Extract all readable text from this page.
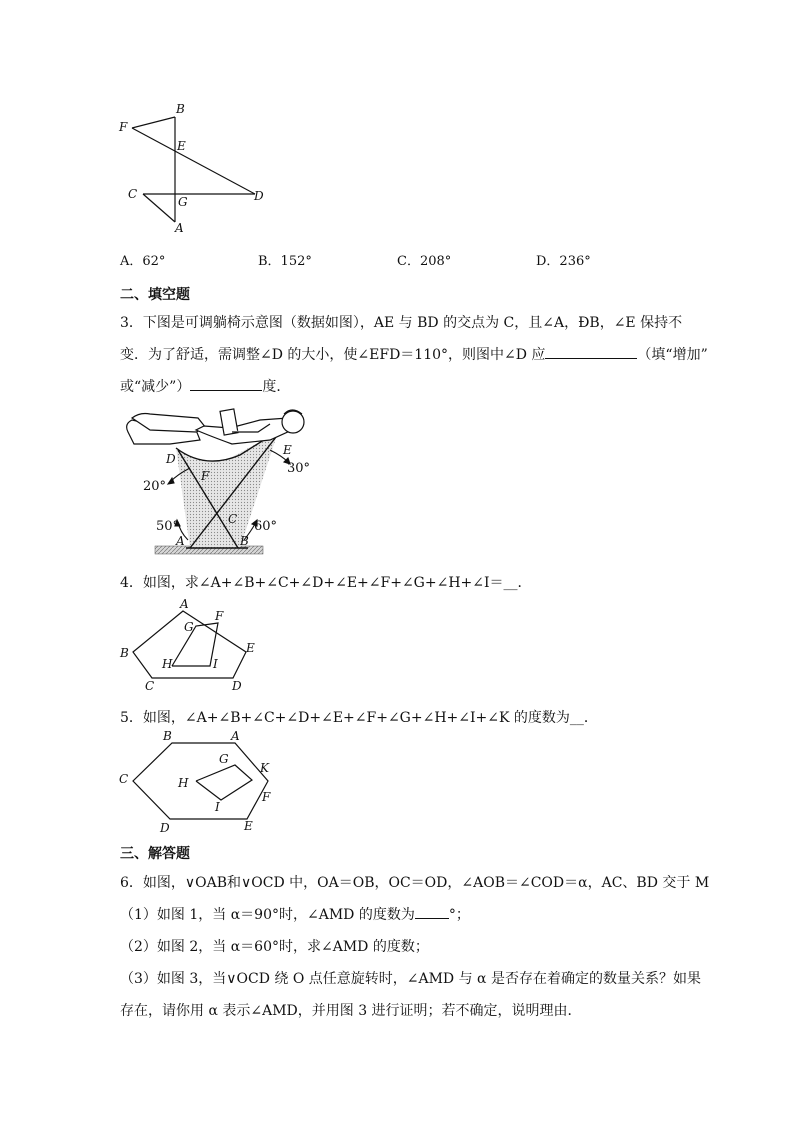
F
B
E
C
G	D
A
A．62°	B．152°	C．208°	D．236°
二、填空题
3．下图是可调躺椅示意图（数据如图），AE 与 BD 的交点为 C，且∠A，ÐB，∠E 保持不
变．为了舒适，需调整∠D 的大小，使∠EFD＝110°，则图中∠D 应	（填“增加”
或“减少”）	度．
D
E
F
C
A	B
20°
30°
50°	60°
4．如图，求∠A+∠B+∠C+∠D+∠E+∠F+∠G+∠H+∠I＝__．
A
B
C	D
E
F
G
H	I
5．如图，∠A+∠B+∠C+∠D+∠E+∠F+∠G+∠H+∠I+∠K 的度数为__．
A
B
C
D	E
F
G
H
I
K
三、解答题
6．如图，∨OAB和∨OCD 中，OA＝OB，OC＝OD，∠AOB＝∠COD＝α，AC、BD 交于 M
（1）如图 1，当 α＝90°时，∠AMD 的度数为 °；
（2）如图 2，当 α＝60°时，求∠AMD 的度数；
（3）如图 3，当∨OCD 绕 O 点任意旋转时，∠AMD 与 α 是否存在着确定的数量关系？如果
存在，请你用 α 表示∠AMD，并用图 3 进行证明；若不确定，说明理由．
